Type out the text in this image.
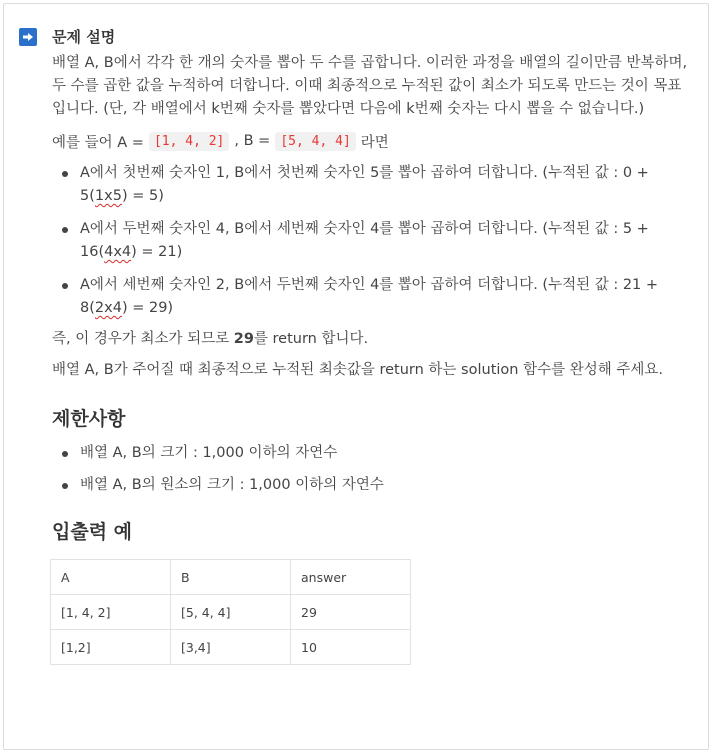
문제 설명

배열 A, B에서 각각 한 개의 숫자를 뽑아 두 수를 곱합니다. 이러한 과정을 배열의 길이만큼 반복하며, 두 수를 곱한 값을 누적하여 더합니다. 이때 최종적으로 누적된 값이 최소가 되도록 만드는 것이 목표입니다. (단, 각 배열에서 k번째 숫자를 뽑았다면 다음에 k번째 숫자는 다시 뽑을 수 없습니다.)

예를 들어 A = [1, 4, 2] , B = [5, 4, 4] 라면
A에서 첫번째 숫자인 1, B에서 첫번째 숫자인 5를 뽑아 곱하여 더합니다. (누적된 값 : 0 + 5(1x5) = 5)
A에서 두번째 숫자인 4, B에서 세번째 숫자인 4를 뽑아 곱하여 더합니다. (누적된 값 : 5 + 16(4x4) = 21)
A에서 세번째 숫자인 2, B에서 두번째 숫자인 4를 뽑아 곱하여 더합니다. (누적된 값 : 21 + 8(2x4) = 29)

즉, 이 경우가 최소가 되므로 29를 return 합니다.

배열 A, B가 주어질 때 최종적으로 누적된 최솟값을 return 하는 solution 함수를 완성해 주세요.

제한사항
배열 A, B의 크기 : 1,000 이하의 자연수
배열 A, B의 원소의 크기 : 1,000 이하의 자연수
입출력 예
A	B	answer
[1, 4, 2]	[5, 4, 4]	29
[1,2]	[3,4]	10
